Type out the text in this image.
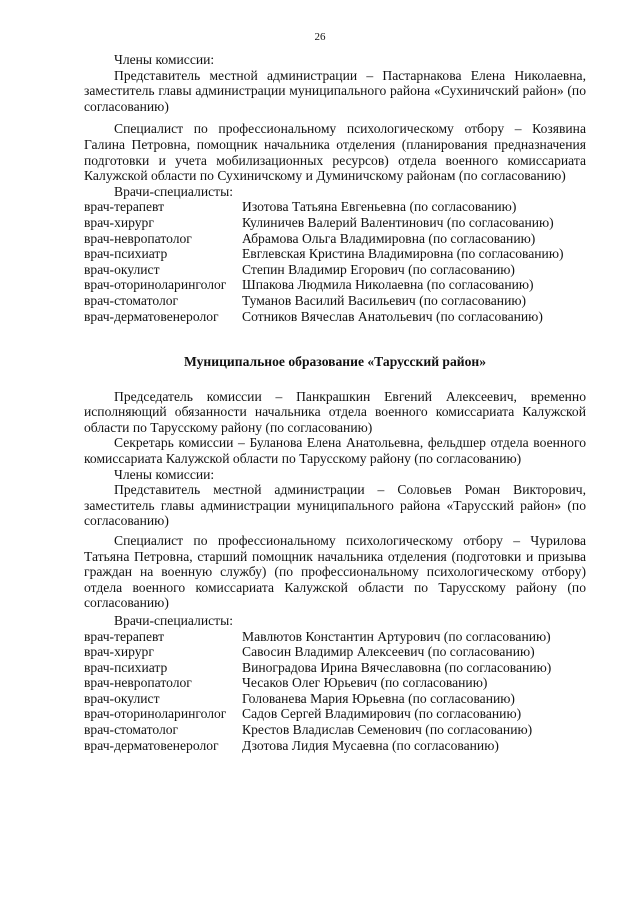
26

Члены комиссии:

Представитель местной администрации – Пастарнакова Елена Николаевна, заместитель главы администрации муниципального района «Сухиничский район» (по согласованию)

Специалист по профессиональному психологическому отбору – Козявина Галина Петровна, помощник начальника отделения (планирования предназначения подготовки и учета мобилизационных ресурсов) отдела военного комиссариата Калужской области по Сухиничскому и Думиничскому районам (по согласованию)

Врачи-специалисты:

врач-терапевт	Изотова Татьяна Евгеньевна (по согласованию)
врач-хирург	Кулиничев Валерий Валентинович (по согласованию)
врач-невропатолог	Абрамова Ольга Владимировна (по согласованию)
врач-психиатр	Евглевская Кристина Владимировна (по согласованию)
врач-окулист	Степин Владимир Егорович (по согласованию)
врач-оториноларинголог	Шпакова Людмила Николаевна (по согласованию)
врач-стоматолог	Туманов Василий Васильевич (по согласованию)
врач-дерматовенеролог	Сотников Вячеслав Анатольевич (по согласованию)

Муниципальное образование «Тарусский район»

Председатель комиссии – Панкрашкин Евгений Алексеевич, временно исполняющий обязанности начальника отдела военного комиссариата Калужской области по Тарусскому району (по согласованию)

Секретарь комиссии – Буланова Елена Анатольевна, фельдшер отдела военного комиссариата Калужской области по Тарусскому району (по согласованию)

Члены комиссии:

Представитель местной администрации – Соловьев Роман Викторович, заместитель главы администрации муниципального района «Тарусский район» (по согласованию)

Специалист по профессиональному психологическому отбору – Чурилова Татьяна Петровна, старший помощник начальника отделения (подготовки и призыва граждан на военную службу) (по профессиональному психологическому отбору) отдела военного комиссариата Калужской области по Тарусскому району (по согласованию)

Врачи-специалисты:

врач-терапевт	Мавлютов Константин Артурович (по согласованию)
врач-хирург	Савосин Владимир Алексеевич (по согласованию)
врач-психиатр	Виноградова Ирина Вячеславовна (по согласованию)
врач-невропатолог	Чесаков Олег Юрьевич (по согласованию)
врач-окулист	Голованева Мария Юрьевна (по согласованию)
врач-оториноларинголог	Садов Сергей Владимирович (по согласованию)
врач-стоматолог	Крестов Владислав Семенович (по согласованию)
врач-дерматовенеролог	Дзотова Лидия Мусаевна (по согласованию)
